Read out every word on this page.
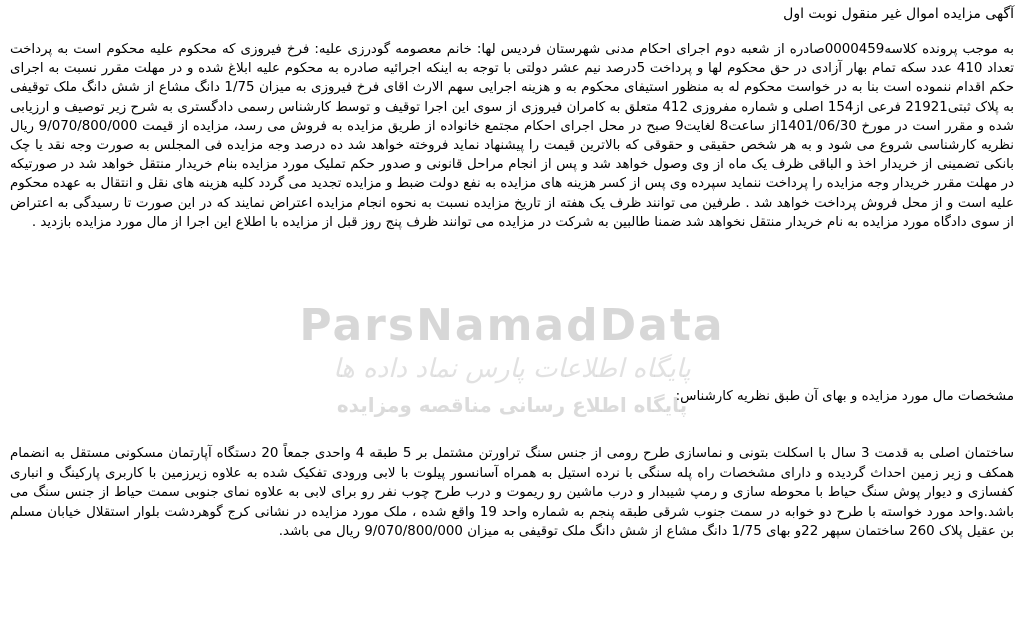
آگهی مزایده اموال غیر منقول نوبت اول
به موجب پرونده کلاسه0000459صادره از شعبه دوم اجرای احکام مدنی شهرستان فردیس لها: خانم معصومه گودرزی علیه: فرخ فیروزی که محکوم علیه محکوم است به پرداخت تعداد 410 عدد سکه تمام بهار آزادی در حق محکوم لها و پرداخت 5درصد نیم عشر دولتی با توجه به اینکه اجرائیه صادره به محکوم علیه ابلاغ شده و در مهلت مقرر نسبت به اجرای حکم اقدام ننموده است بنا به در خواست محکوم له به منظور استیفای محکوم به و هزینه اجرایی سهم الارث اقای فرخ فیروزی به میزان 1/75 دانگ مشاع از شش دانگ ملک توقیفی به پلاک ثبتی21921 فرعی از154 اصلی و شماره مفروزی 412 متعلق به کامران فیروزی از سوی این اجرا توقیف و توسط کارشناس رسمی دادگستری به شرح زیر توصیف و ارزیابی شده و مقرر است در مورخ 1401/06/30از ساعت8 لغایت9 صبح در محل اجرای احکام مجتمع خانواده از طریق مزایده به فروش می رسد، مزایده از قیمت 9/070/800/000 ریال نظریه کارشناسی شروع می شود و به هر شخص حقیقی و حقوقی که بالاترین قیمت را پیشنهاد نماید فروخته خواهد شد ده درصد وجه مزایده فی المجلس به صورت وجه نقد یا چک بانکی تضمینی از خریدار اخذ و الباقی ظرف یک ماه از وی وصول خواهد شد و پس از انجام مراحل قانونی و صدور حکم تملیک مورد مزایده بنام خریدار منتقل خواهد شد در صورتیکه در مهلت مقرر خریدار وجه مزایده را پرداخت ننماید سپرده وی پس از کسر هزینه های مزایده به نفع دولت ضبط و مزایده تجدید می گردد کلیه هزینه های نقل و انتقال به عهده محکوم علیه است و از محل فروش پرداخت خواهد شد . طرفین می توانند ظرف یک هفته از تاریخ مزایده نسبت به نحوه انجام مزایده اعتراض نمایند که در این صورت تا رسیدگی به اعتراض از سوی دادگاه مورد مزایده به نام خریدار منتقل نخواهد شد ضمنا طالبین به شرکت در مزایده می توانند ظرف پنج روز قبل از مزایده با اطلاع این اجرا از مال مورد مزایده بازدید .
مشخصات مال مورد مزایده و بهای آن طبق نظریه کارشناس:
ساختمان اصلی به قدمت 3 سال با اسکلت بتونی و نماسازی طرح رومی از جنس سنگ تراورتن مشتمل بر 5 طبقه 4 واحدی جمعاً 20 دستگاه آپارتمان مسکونی مستقل به انضمام همکف و زیر زمین احداث گردیده و دارای مشخصات راه پله سنگی با نرده استیل به همراه آسانسور پیلوت با لابی ورودی تفکیک شده به علاوه زیرزمین با کاربری پارکینگ و انباری کفسازی و دیوار پوش سنگ حیاط با محوطه سازی و رمپ شیبدار و درب ماشین رو ریموت و درب طرح چوب نفر رو برای لابی به علاوه نمای جنوبی سمت حیاط از جنس سنگ می باشد.واحد مورد خواسته با طرح دو خوابه در سمت جنوب شرقی طبقه پنجم به شماره واحد 19 واقع شده ، ملک مورد مزایده در نشانی کرج گوهردشت بلوار استقلال خیابان مسلم بن عقیل پلاک 260 ساختمان سپهر 22و بهای 1/75 دانگ مشاع از شش دانگ ملک توقیفی به میزان 9/070/800/000 ریال می باشد.
ParsNamadData
پایگاه اطلاعات پارس نماد داده ها
پایگاه اطلاع رسانی مناقصه ومزایده
